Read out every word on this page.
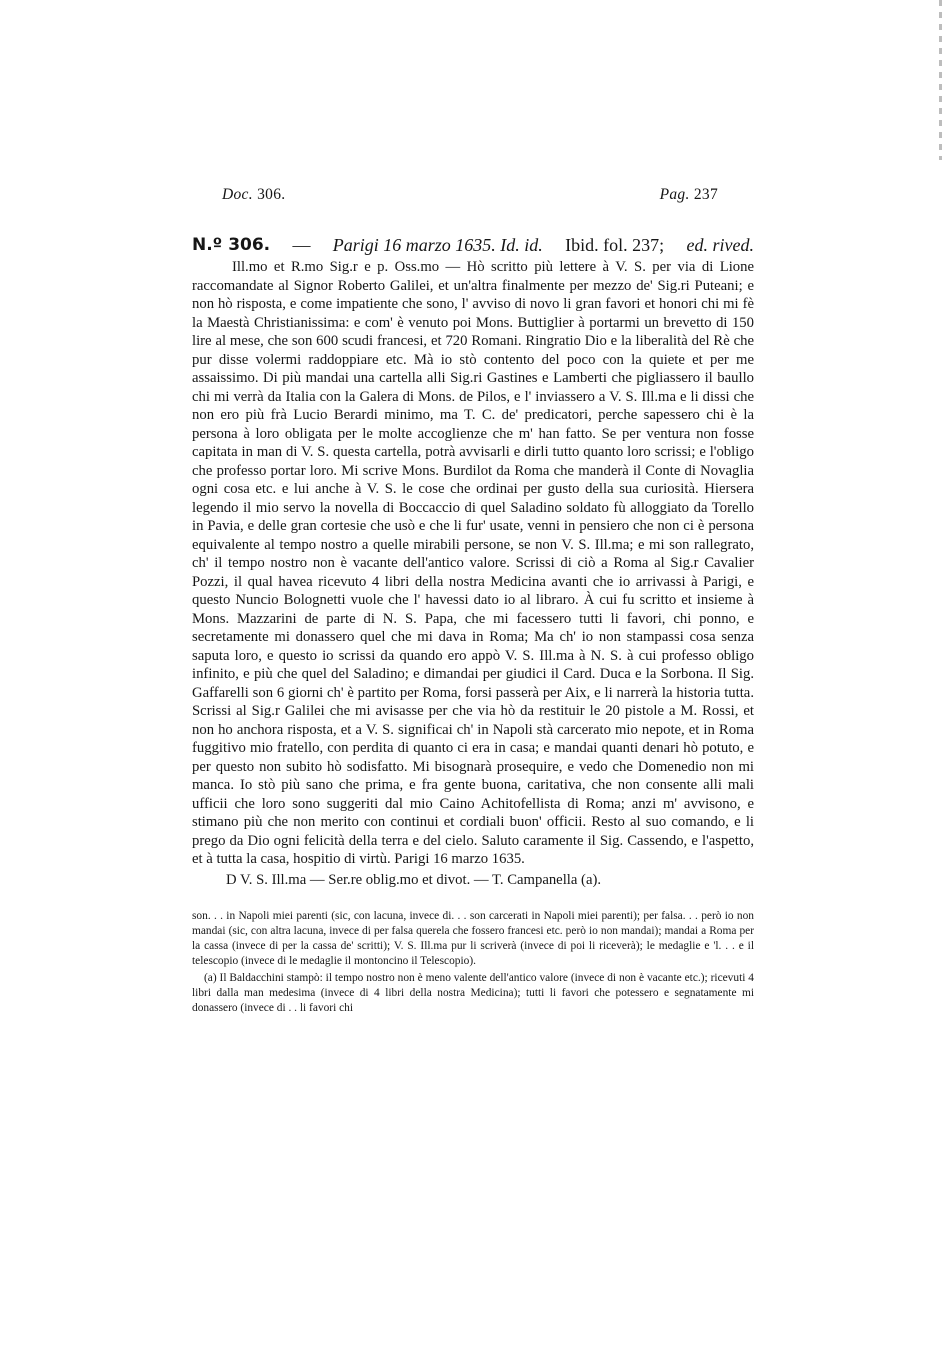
Doc. 306.	Pag. 237
N.º 306. — Parigi 16 marzo 1635. Id. id. Ibid. fol. 237; ed. rived.

Ill.mo et R.mo Sig.r e p. Oss.mo — Hò scritto più lettere à V. S. per via di Lione raccomandate al Signor Roberto Galilei, et un'altra finalmente per mezzo de' Sig.ri Puteani; e non hò risposta, e come impatiente che sono, l' avviso di novo li gran favori et honori chi mi fè la Maestà Christianissima: e com' è venuto poi Mons. Buttiglier à portarmi un brevetto di 150 lire al mese, che son 600 scudi francesi, et 720 Romani. Ringratio Dio e la liberalità del Rè che pur disse volermi raddoppiare etc. Mà io stò contento del poco con la quiete et per me assaissimo. Di più mandai una cartella alli Sig.ri Gastines e Lamberti che pigliassero il baullo chi mi verrà da Italia con la Galera di Mons. de Pilos, e l' inviassero a V. S. Ill.ma e li dissi che non ero più frà Lucio Berardi minimo, ma T. C. de' predicatori, perche sapessero chi è la persona à loro obligata per le molte accoglienze che m' han fatto. Se per ventura non fosse capitata in man di V. S. questa cartella, potrà avvisarli e dirli tutto quanto loro scrissi; e l'obligo che professo portar loro. Mi scrive Mons. Burdilot da Roma che manderà il Conte di Novaglia ogni cosa etc. e lui anche à V. S. le cose che ordinai per gusto della sua curiosità. Hiersera legendo il mio servo la novella di Boccaccio di quel Saladino soldato fù alloggiato da Torello in Pavia, e delle gran cortesie che usò e che li fur' usate, venni in pensiero che non ci è persona equivalente al tempo nostro a quelle mirabili persone, se non V. S. Ill.ma; e mi son rallegrato, ch' il tempo nostro non è vacante dell'antico valore. Scrissi di ciò a Roma al Sig.r Cavalier Pozzi, il qual havea ricevuto 4 libri della nostra Medicina avanti che io arrivassi à Parigi, e questo Nuncio Bolognetti vuole che l' havessi dato io al libraro. À cui fu scritto et insieme à Mons. Mazzarini de parte di N. S. Papa, che mi facessero tutti li favori, chi ponno, e secretamente mi donassero quel che mi dava in Roma; Ma ch' io non stampassi cosa senza saputa loro, e questo io scrissi da quando ero appò V. S. Ill.ma à N. S. à cui professo obligo infinito, e più che quel del Saladino; e dimandai per giudici il Card. Duca e la Sorbona. Il Sig. Gaffarelli son 6 giorni ch' è partito per Roma, forsi passerà per Aix, e li narrerà la historia tutta. Scrissi al Sig.r Galilei che mi avisasse per che via hò da restituir le 20 pistole a M. Rossi, et non ho anchora risposta, et a V. S. significai ch' in Napoli stà carcerato mio nepote, et in Roma fuggitivo mio fratello, con perdita di quanto ci era in casa; e mandai quanti denari hò potuto, e per questo non subito hò sodisfatto. Mi bisognarà prosequire, e vedo che Domenedio non mi manca. Io stò più sano che prima, e fra gente buona, caritativa, che non consente alli mali ufficii che loro sono suggeriti dal mio Caino Achitofellista di Roma; anzi m' avvisono, e stimano più che non merito con continui et cordiali buon' officii. Resto al suo comando, e li prego da Dio ogni felicità della terra e del cielo. Saluto caramente il Sig. Cassendo, e l'aspetto, et à tutta la casa, hospitio di virtù. Parigi 16 marzo 1635.

D V. S. Ill.ma — Ser.re oblig.mo et divot. — T. Campanella (a).

son. . . in Napoli miei parenti (sic, con lacuna, invece di. . . son carcerati in Napoli miei parenti); per falsa. . . però io non mandai (sic, con altra lacuna, invece di per falsa querela che fossero francesi etc. però io non mandai); mandai a Roma per la cassa (invece di per la cassa de' scritti); V. S. Ill.ma pur li scriverà (invece di poi li riceverà); le medaglie e 'l. . . e il telescopio (invece di le medaglie il montoncino il Telescopio).

(a) Il Baldacchini stampò: il tempo nostro non è meno valente dell'antico valore (invece di non è vacante etc.); ricevuti 4 libri dalla man medesima (invece di 4 libri della nostra Medicina); tutti li favori che potessero e segnatamente mi donassero (invece di . . li favori chi
